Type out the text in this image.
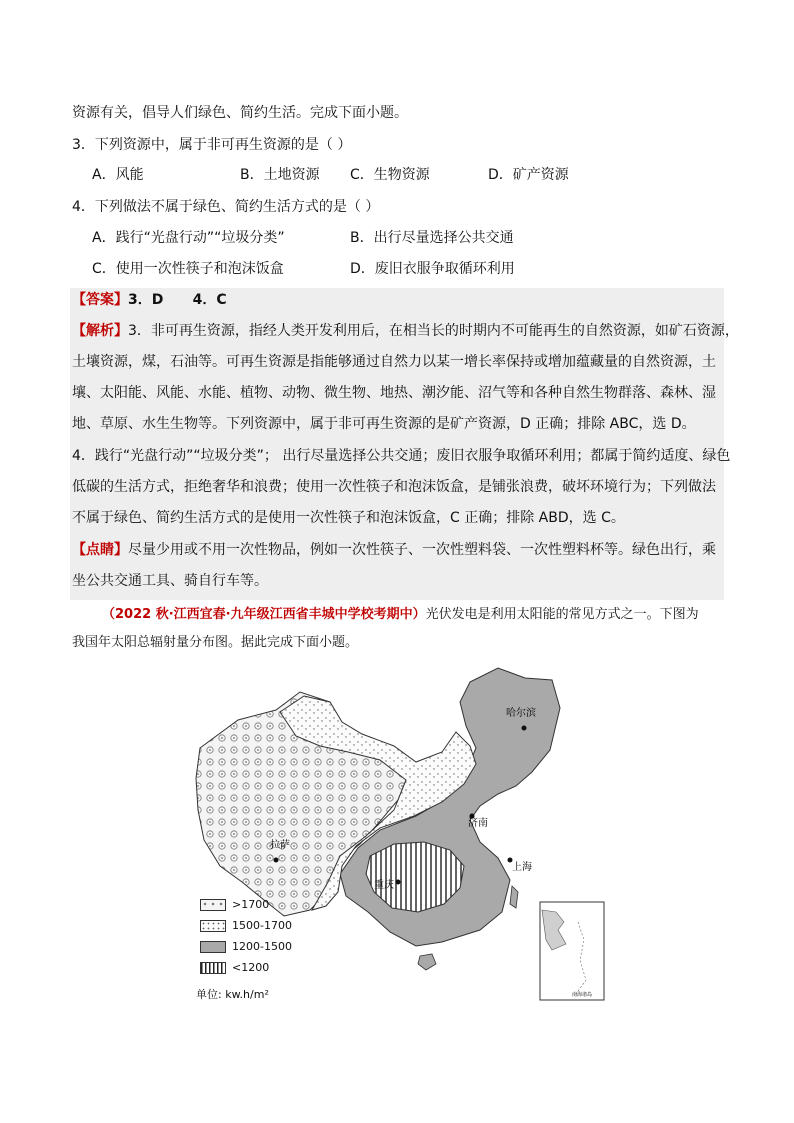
资源有关，倡导人们绿色、简约生活。完成下面小题。
3．下列资源中，属于非可再生资源的是（ ）
A．风能	B．土地资源 C．生物资源	D．矿产资源
4．下列做法不属于绿色、简约生活方式的是（ ）
A．践行“光盘行动”“垃圾分类”	B．出行尽量选择公共交通
C．使用一次性筷子和泡沫饭盒	D．废旧衣服争取循环利用
【答案】3．D      4．C
【解析】3．非可再生资源，指经人类开发利用后，在相当长的时期内不可能再生的自然资源，如矿石资源，
土壤资源，煤，石油等。可再生资源是指能够通过自然力以某一增长率保持或增加蕴藏量的自然资源，土
壤、太阳能、风能、水能、植物、动物、微生物、地热、潮汐能、沼气等和各种自然生物群落、森林、湿
地、草原、水生生物等。下列资源中，属于非可再生资源的是矿产资源，D 正确；排除 ABC，选 D。
4．践行“光盘行动”“垃圾分类”； 出行尽量选择公共交通；废旧衣服争取循环利用；都属于简约适度、绿色
低碳的生活方式，拒绝奢华和浪费；使用一次性筷子和泡沫饭盒，是铺张浪费，破坏环境行为；下列做法
不属于绿色、简约生活方式的是使用一次性筷子和泡沫饭盒，C 正确；排除 ABD，选 C。
【点睛】尽量少用或不用一次性物品，例如一次性筷子、一次性塑料袋、一次性塑料杯等。绿色出行，乘
坐公共交通工具、骑自行车等。
（2022 秋·江西宜春·九年级江西省丰城中学校考期中）光伏发电是利用太阳能的常见方式之一。下图为
我国年太阳总辐射量分布图。据此完成下面小题。
哈尔滨
济南
拉萨
上海
重庆
南海诸岛
>1700
1500-1700
1200-1500
<1200
单位: kw.h/m²
